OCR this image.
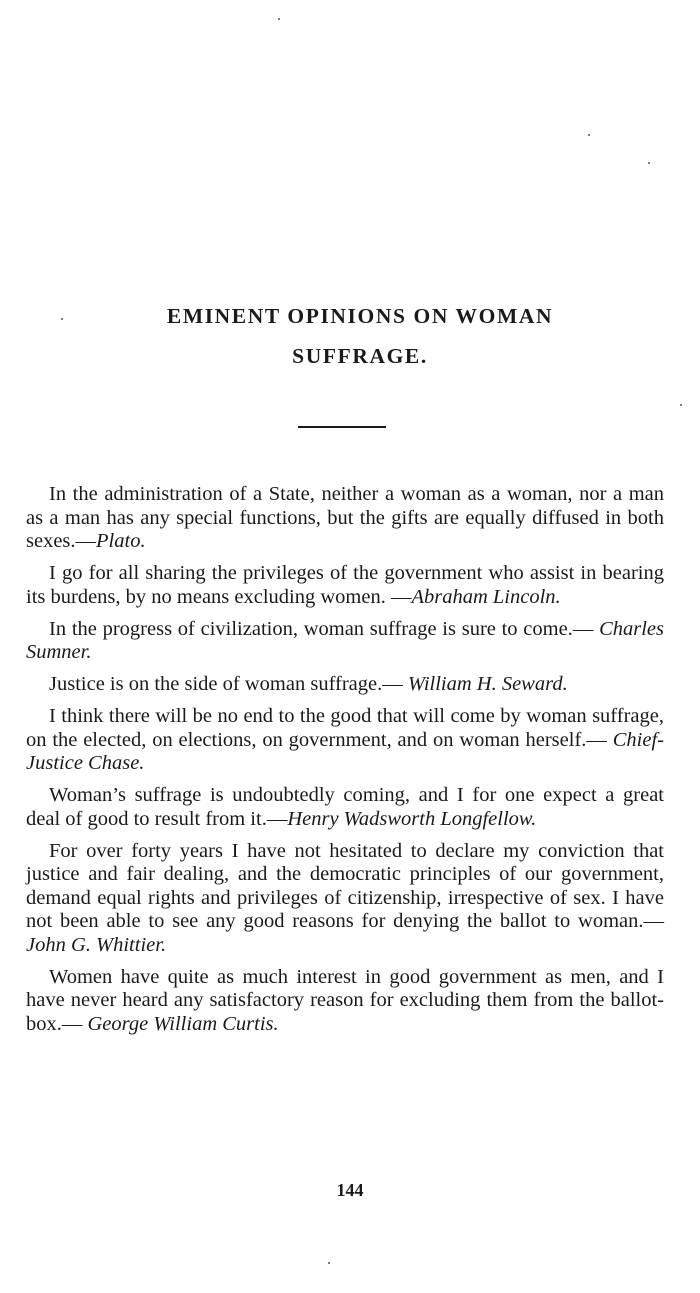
EMINENT OPINIONS ON WOMAN
SUFFRAGE.

In the administration of a State, neither a woman as a woman, nor a man as a man has any special functions, but the gifts are equally diffused in both sexes.—Plato.

I go for all sharing the privileges of the government who assist in bearing its burdens, by no means excluding women. —Abraham Lincoln.

In the progress of civilization, woman suffrage is sure to come.— Charles Sumner.

Justice is on the side of woman suffrage.— William H. Seward.

I think there will be no end to the good that will come by woman suffrage, on the elected, on elections, on government, and on woman herself.— Chief-Justice Chase.

Woman’s suffrage is undoubtedly coming, and I for one expect a great deal of good to result from it.—Henry Wadsworth Longfellow.

For over forty years I have not hesitated to declare my conviction that justice and fair dealing, and the democratic principles of our government, demand equal rights and privileges of citizenship, irrespective of sex. I have not been able to see any good reasons for denying the ballot to woman.— John G. Whittier.

Women have quite as much interest in good government as men, and I have never heard any satisfactory reason for excluding them from the ballot-box.— George William Curtis.

144
